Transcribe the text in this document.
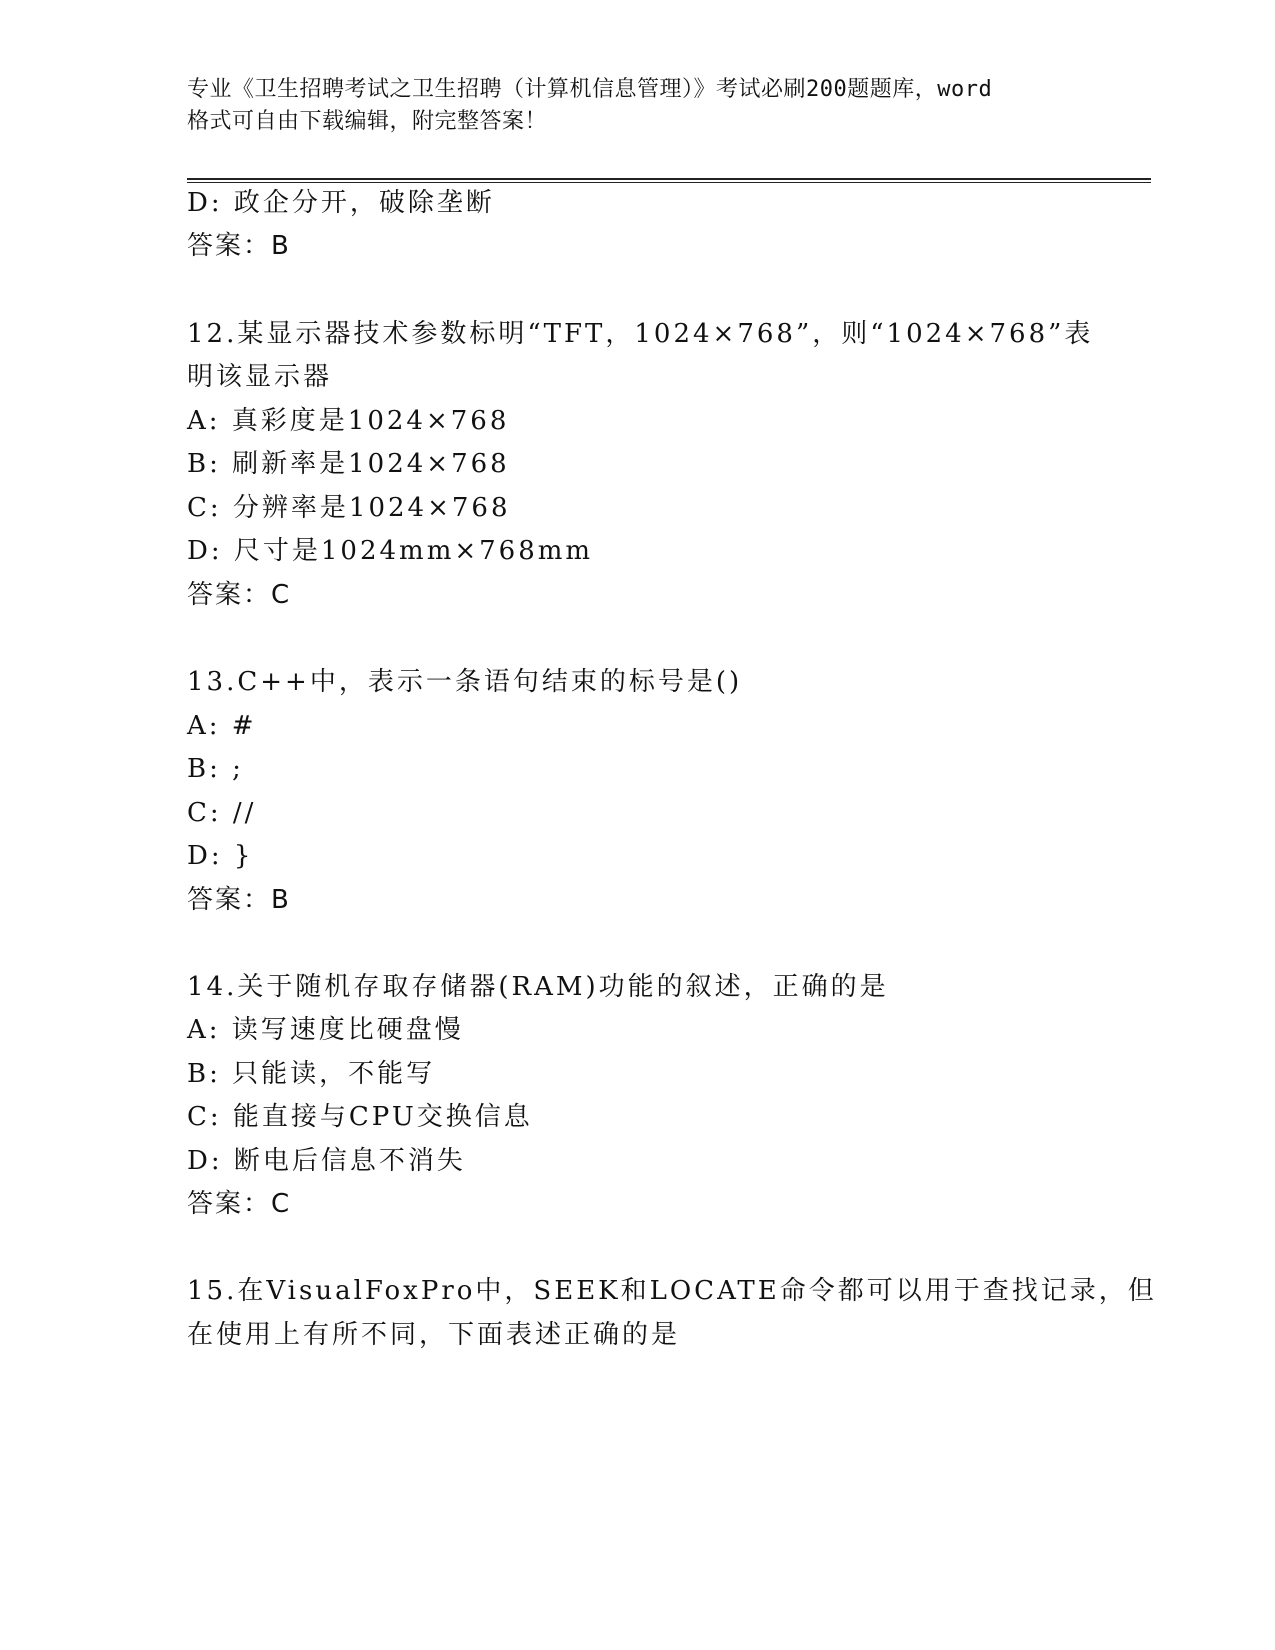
专业《卫生招聘考试之卫生招聘（计算机信息管理）》考试必刷200题题库，word
格式可自由下载编辑，附完整答案！
D: 政企分开，破除垄断
答案：B
12.某显示器技术参数标明“TFT，1024×768”，则“1024×768”表
明该显示器
A: 真彩度是1024×768
B: 刷新率是1024×768
C: 分辨率是1024×768
D: 尺寸是1024mm×768mm
答案：C
13.C++中，表示一条语句结束的标号是()
A: #
B: ;
C: //
D: }
答案：B
14.关于随机存取存储器(RAM)功能的叙述，正确的是
A: 读写速度比硬盘慢
B: 只能读，不能写
C: 能直接与CPU交换信息
D: 断电后信息不消失
答案：C
15.在VisualFoxPro中，SEEK和LOCATE命令都可以用于查找记录，但
在使用上有所不同，下面表述正确的是
